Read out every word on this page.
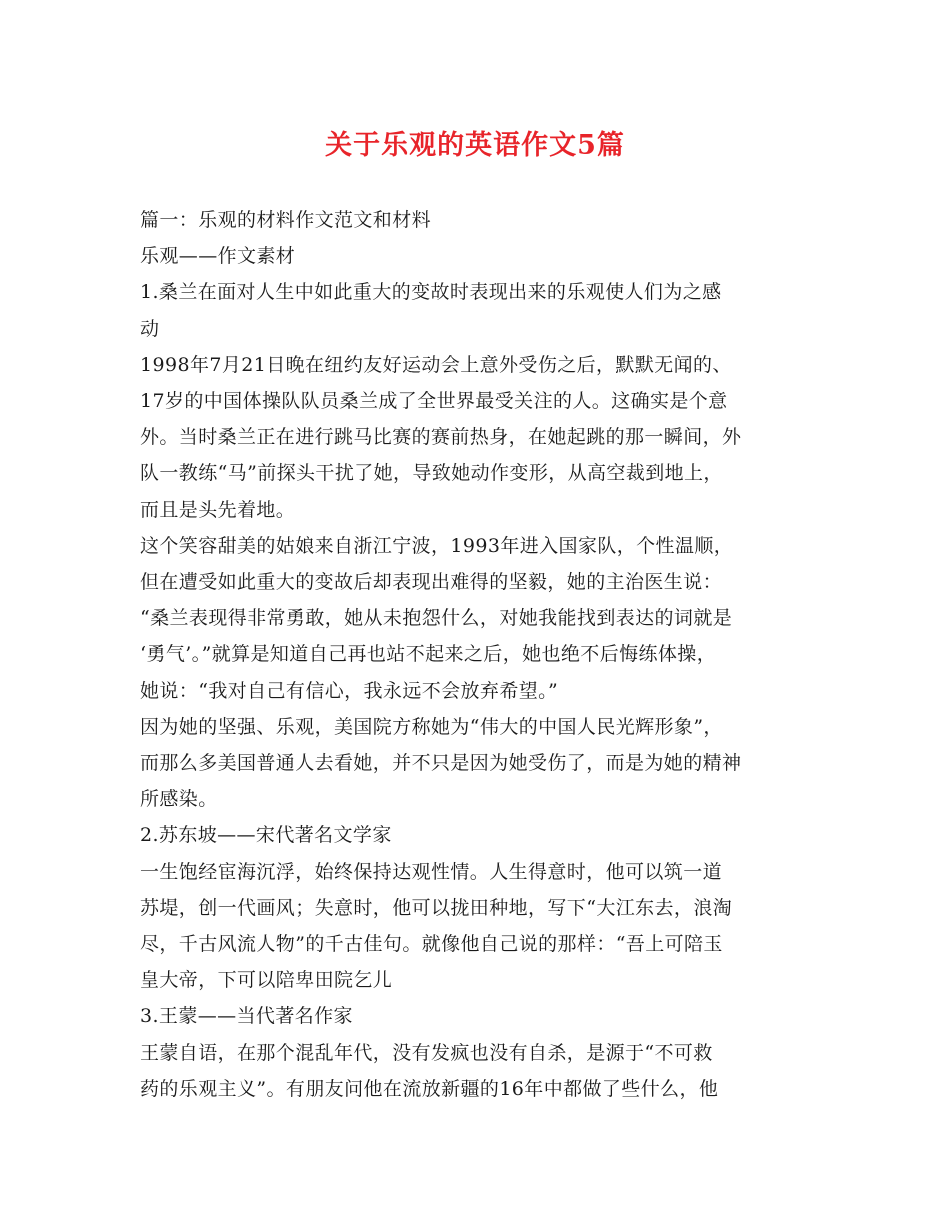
关于乐观的英语作文5篇
篇一：乐观的材料作文范文和材料
乐观——作文素材
1.桑兰在面对人生中如此重大的变故时表现出来的乐观使人们为之感
动
1998年7月21日晚在纽约友好运动会上意外受伤之后，默默无闻的、
17岁的中国体操队队员桑兰成了全世界最受关注的人。这确实是个意
外。当时桑兰正在进行跳马比赛的赛前热身，在她起跳的那一瞬间，外
队一教练“马”前探头干扰了她，导致她动作变形，从高空裁到地上，
而且是头先着地。
这个笑容甜美的姑娘来自浙江宁波，1993年进入国家队，个性温顺，
但在遭受如此重大的变故后却表现出难得的坚毅，她的主治医生说：
“桑兰表现得非常勇敢，她从未抱怨什么，对她我能找到表达的词就是
‘勇气’。”就算是知道自己再也站不起来之后，她也绝不后悔练体操，
她说：“我对自己有信心，我永远不会放弃希望。”
因为她的坚强、乐观，美国院方称她为“伟大的中国人民光辉形象”，
而那么多美国普通人去看她，并不只是因为她受伤了，而是为她的精神
所感染。
2.苏东坡——宋代著名文学家
一生饱经宦海沉浮，始终保持达观性情。人生得意时，他可以筑一道
苏堤，创一代画风；失意时，他可以拢田种地，写下“大江东去，浪淘
尽，千古风流人物”的千古佳句。就像他自己说的那样：“吾上可陪玉
皇大帝，下可以陪卑田院乞儿
3.王蒙——当代著名作家
王蒙自语，在那个混乱年代，没有发疯也没有自杀，是源于“不可救
药的乐观主义”。有朋友问他在流放新疆的16年中都做了些什么，他
